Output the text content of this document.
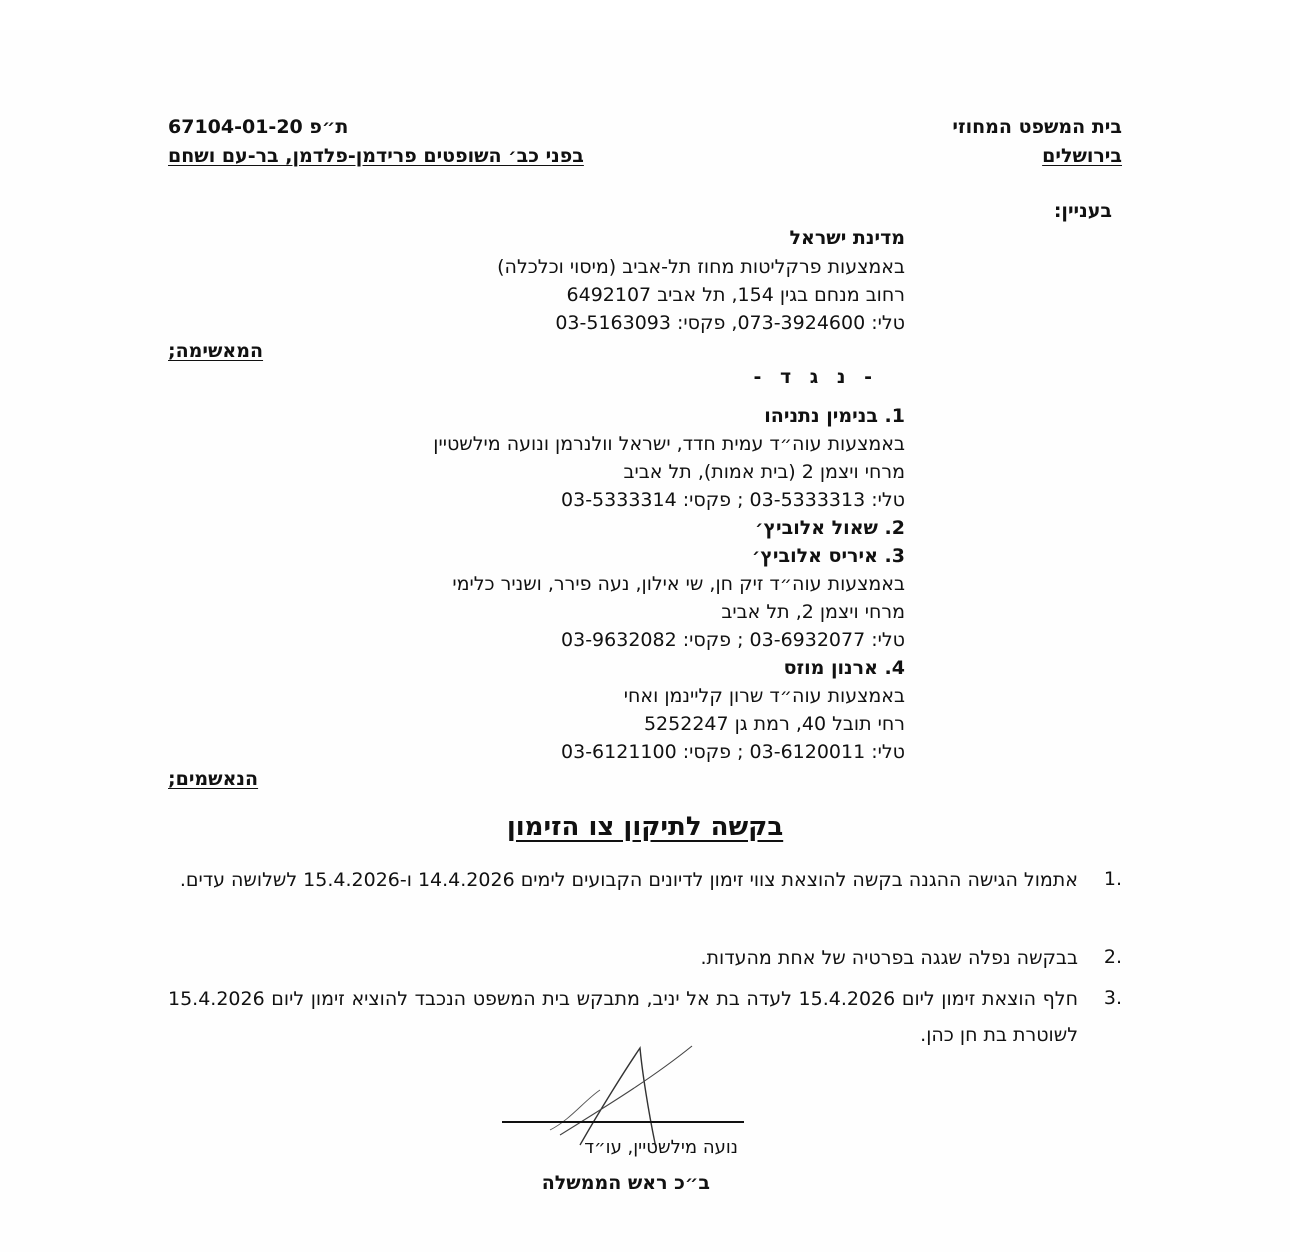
בית המשפט המחוזי
בירושלים
ת״פ 67104-01-20
בפני כב׳ השופטים פרידמן-פלדמן, בר-עם ושחם
בעניין:
מדינת ישראל
באמצעות פרקליטות מחוז תל-אביב (מיסוי וכלכלה)
רחוב מנחם בגין 154, תל אביב 6492107
טלי: 073-3924600, פקסי: 03-5163093
המאשימה;
- נ ג ד -
1. בנימין נתניהו
באמצעות עוה״ד עמית חדד, ישראל וולנרמן ונועה מילשטיין
מרחי ויצמן 2 (בית אמות), תל אביב
טלי: 03-5333313 ; פקסי: 03-5333314
2. שאול אלוביץ׳
3. איריס אלוביץ׳
באמצעות עוה״ד זיק חן, שי אילון, נעה פירר, ושניר כלימי
מרחי ויצמן 2, תל אביב
טלי: 03-6932077 ; פקסי: 03-9632082
4. ארנון מוזס
באמצעות עוה״ד שרון קליינמן ואחי
רחי תובל 40, רמת גן 5252247
טלי: 03-6120011 ; פקסי: 03-6121100
הנאשמים;
בקשה לתיקון צו הזימון
1.
אתמול הגישה ההגנה בקשה להוצאת צווי זימון לדיונים הקבועים לימים 14.4.2026 ו-15.4.2026 לשלושה עדים.
2.
בבקשה נפלה שגגה בפרטיה של אחת מהעדות.
3.
חלף הוצאת זימון ליום 15.4.2026 לעדה בת אל יניב, מתבקש בית המשפט הנכבד להוציא זימון ליום 15.4.2026 לשוטרת בת חן כהן.
נועה מילשטיין, עו״ד
ב״כ ראש הממשלה
